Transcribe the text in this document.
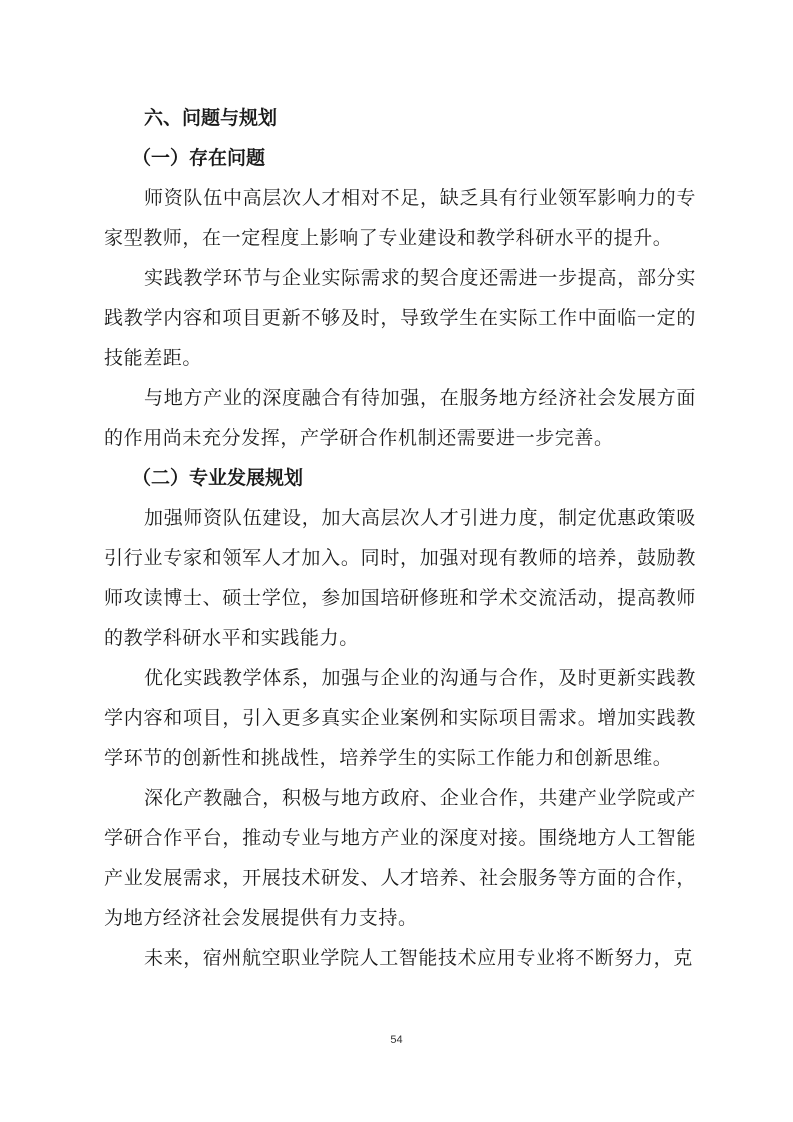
六、问题与规划
（一）存在问题

师资队伍中高层次人才相对不足，缺乏具有行业领军影响力的专家型教师，在一定程度上影响了专业建设和教学科研水平的提升。

实践教学环节与企业实际需求的契合度还需进一步提高，部分实践教学内容和项目更新不够及时，导致学生在实际工作中面临一定的技能差距。

与地方产业的深度融合有待加强，在服务地方经济社会发展方面的作用尚未充分发挥，产学研合作机制还需要进一步完善。

（二）专业发展规划

加强师资队伍建设，加大高层次人才引进力度，制定优惠政策吸引行业专家和领军人才加入。同时，加强对现有教师的培养，鼓励教师攻读博士、硕士学位，参加国培研修班和学术交流活动，提高教师的教学科研水平和实践能力。

优化实践教学体系，加强与企业的沟通与合作，及时更新实践教学内容和项目，引入更多真实企业案例和实际项目需求。增加实践教学环节的创新性和挑战性，培养学生的实际工作能力和创新思维。

深化产教融合，积极与地方政府、企业合作，共建产业学院或产学研合作平台，推动专业与地方产业的深度对接。围绕地方人工智能产业发展需求，开展技术研发、人才培养、社会服务等方面的合作，为地方经济社会发展提供有力支持。

未来，宿州航空职业学院人工智能技术应用专业将不断努力，克

54
